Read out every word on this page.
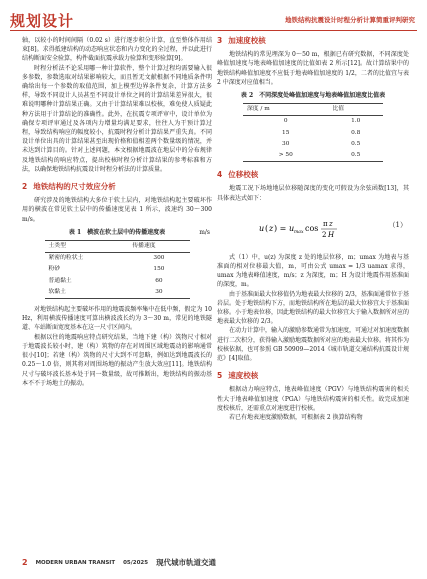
规划设计	地铁结构抗震设计时程分析计算简重评判研究

轴，以较小的时间间隔（0.02 s）进行逐步积分计算，直至整体作用结束[8]。求得抵建结构的动态响应状态和内力变化的全过程，并以此进行结构断面安全验算，构件截面抗震承载力验算和变形验算[9]。

时程分析法不论采用哪一种计算软件，整个计算过程均需要输入很多参数，参数选取对结果影响较大，而且暂无文献根据不同地质条件明确给出每一个参数的取值范围，加上模型边界条件复杂，计算方法多样，导致不同设计人员甚至不同设计单位之间的计算结果差异很大，很难说明哪种计算结果正确。又由于计算结果难以校核，难免使人质疑此种方法用于计算结论的准确性。此外，在抗震专项评审中，设计单位为确保专项评审通过及各项内力增量均满足要求，往往人为干预计算过程，导致结构响应的幅度较小，抗震时程分析计算结果严重失真。不同设计单位出具的计算结果甚至出现价格和值相差两个数量级的情况，并未达到计算目的。针对上述问题，本文根据地震波在地层中的分布规律及地铁结构的响应特点，提出校核时程分析计算结果的参考标准和方法，以确保地铁结构抗震设计时程分析法的计算质量。

2 地铁结构的尺寸效应分析

研究涉及的地铁结构大多位于软土层内，对地铁结构起主要破坏作用的横波在常见软土层中的传播速度见表 1 所示，波速约 30～300 m/s。

表 1　横波在软土层中的传播速度表	m/s
土类型	传播速度
紧密的粒状土	300
粉砂	150
普通黏土	60
软黏土	30

对地铁结构起主要破坏作用的地震波频率集中在低中频，假定为 10 Hz，利用横波传播速度可算出横波波长约为 3～30 m，常见的地铁隧道、车站断面宽度基本在这一尺寸区间内。

根据以往的地震响应特点研究结果，当地下建（构）筑物尺寸相对于地震波长较小时，建（构）筑物的存在对周围区域地震动的影响通常很小[10]；若建（构）筑物的尺寸大到不可忽略，例如达到地震波长的 0.25～1.0 倍，则其将对周围场地的振动产生放大效应[11]。地铁结构尺寸与破坏波长基本处于同一数量级，故可推断出，地铁结构的振动基本不不于场地土的振动。

3 加速度校核

地铁结构的常见埋深为 0～50 m，根据已有研究数据，不同深度处峰值加速度与地表峰值加速度的比值如表 2 所示[12]。故计算结果中的地铁结构峰值加速度不应低于地表峰值加速度的 1/2，二者的比值宜与表 2 中深度对应值相当。

表 2　不同深度处峰值加速度与地表峰值加速度比值表
深度 / m	比值
0	1.0
15	0.8
30	0.5
> 50	0.5
4 位移校核

地震工况下场地地层位移随深度的变化可假设为余弦函数[13]，其具体表达式如下：

u ( z ) = u max cos π z
2 H
（1）

式（1）中，u(z) 为深度 z 处的地层位移，m；umax 为地表与基准面的相对位移最大值，m，可由公式 umax = 1/3 uamax 求得，umax 为地表峰值速度，m/s；z 为深度，m；H 为设计地震作用基准面的深度，m。

由于基准面最大位移值仍为地表最大位移的 2/3，基准面通常位于基岩层。处于地铁结构下方，而地铁结构所在地层的最大位移宜大于基准面位移。小于地表位移，因此地铁结构的最大位移宜大于输入数据所对应的地表最大位移的 2/3。

在动力计算中，输入的激励参数通常为加速度，可通过对加速度数据进行二次积分，获得输入激励地震数据所对应的地表最大位移。将其作为校核依据，也可参照 GB 50909—2014《城市轨道交通结构抗震设计规范》[4]取值。

5 速度校核

根据动力响应特点，地表峰值速度（PGV）与地铁结构震害的相关性大于地表峰值加速度（PGA）与地铁结构震害的相关性。故完成加速度校核后，还需重点对速度进行校核。

若已有地表速度激励数据，可根据表 2 换算结构物

2 MODERN URBAN TRANSIT 05/2025 现代城市轨道交通
